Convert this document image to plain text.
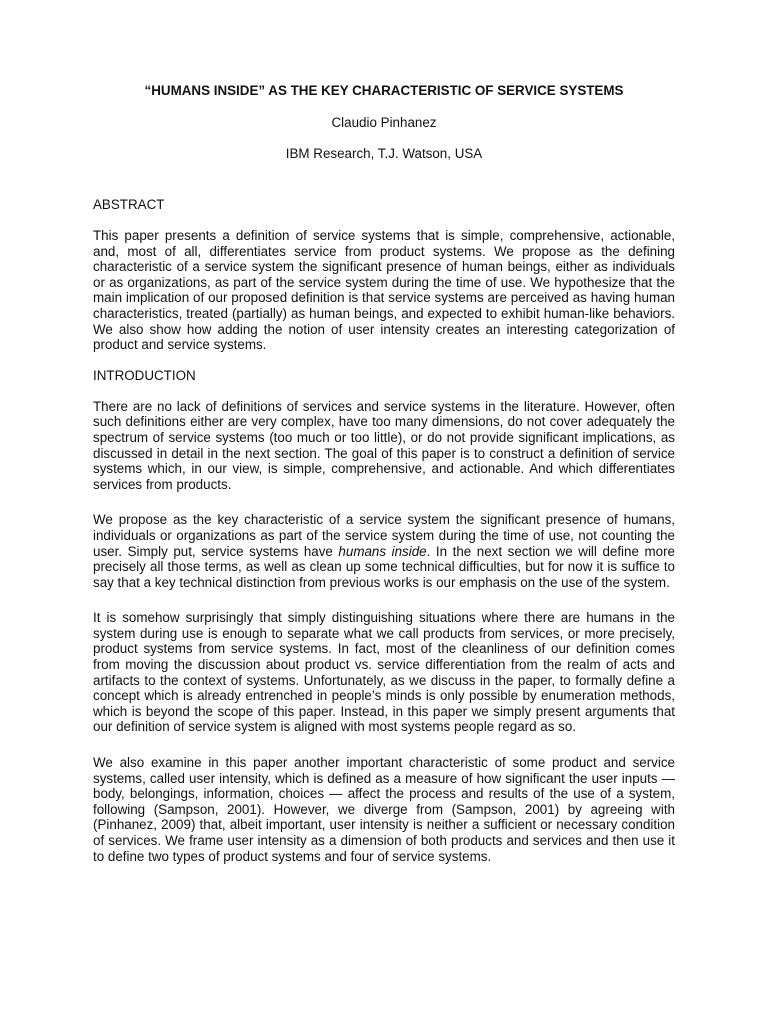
“HUMANS INSIDE” AS THE KEY CHARACTERISTIC OF SERVICE SYSTEMS
Claudio Pinhanez
IBM Research, T.J. Watson, USA
ABSTRACT

This paper presents a definition of service systems that is simple, comprehensive, actionable, and, most of all, differentiates service from product systems. We propose as the defining characteristic of a service system the significant presence of human beings, either as individuals or as organizations, as part of the service system during the time of use. We hypothesize that the main implication of our proposed definition is that service systems are perceived as having human characteristics, treated (partially) as human beings, and expected to exhibit human-like behaviors. We also show how adding the notion of user intensity creates an interesting categorization of product and service systems.

INTRODUCTION

There are no lack of definitions of services and service systems in the literature. However, often such definitions either are very complex, have too many dimensions, do not cover adequately the spectrum of service systems (too much or too little), or do not provide significant implications, as discussed in detail in the next section. The goal of this paper is to construct a definition of service systems which, in our view, is simple, comprehensive, and actionable. And which differentiates services from products.

We propose as the key characteristic of a service system the significant presence of humans, individuals or organizations as part of the service system during the time of use, not counting the user. Simply put, service systems have humans inside. In the next section we will define more precisely all those terms, as well as clean up some technical difficulties, but for now it is suffice to say that a key technical distinction from previous works is our emphasis on the use of the system.

It is somehow surprisingly that simply distinguishing situations where there are humans in the system during use is enough to separate what we call products from services, or more precisely, product systems from service systems. In fact, most of the cleanliness of our definition comes from moving the discussion about product vs. service differentiation from the realm of acts and artifacts to the context of systems. Unfortunately, as we discuss in the paper, to formally define a concept which is already entrenched in people’s minds is only possible by enumeration methods, which is beyond the scope of this paper. Instead, in this paper we simply present arguments that our definition of service system is aligned with most systems people regard as so.

We also examine in this paper another important characteristic of some product and service systems, called user intensity, which is defined as a measure of how significant the user inputs — body, belongings, information, choices — affect the process and results of the use of a system, following (Sampson, 2001). However, we diverge from (Sampson, 2001) by agreeing with (Pinhanez, 2009) that, albeit important, user intensity is neither a sufficient or necessary condition of services. We frame user intensity as a dimension of both products and services and then use it to define two types of product systems and four of service systems.
